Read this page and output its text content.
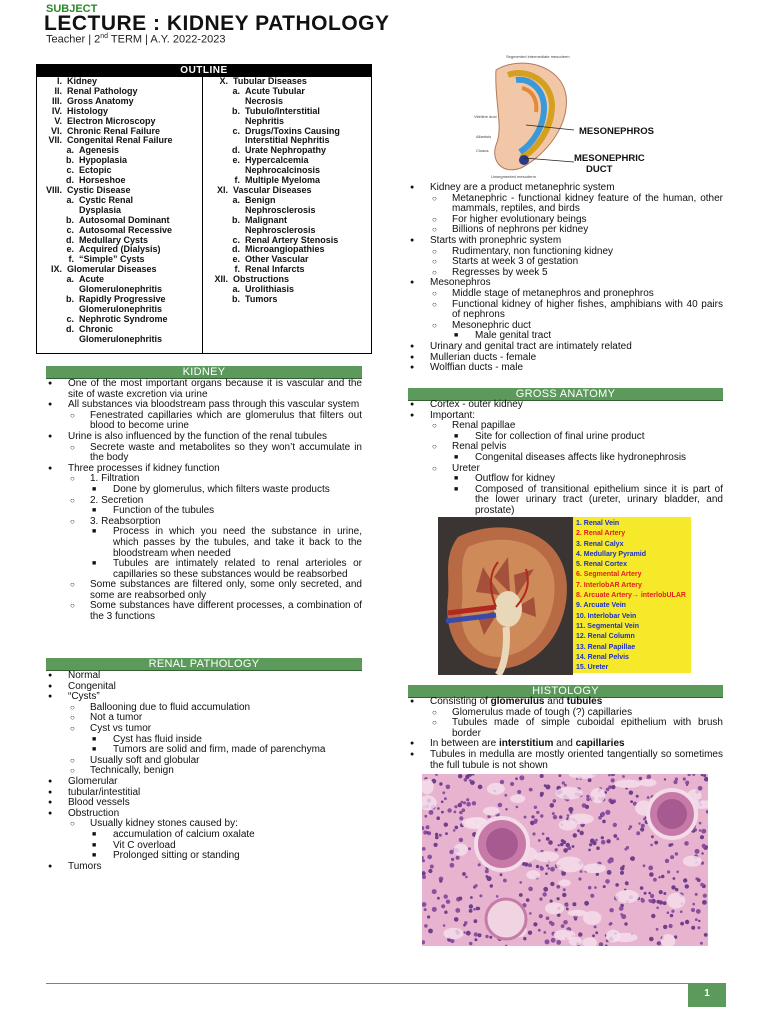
SUBJECT
LECTURE : KIDNEY PATHOLOGY
Teacher | 2nd TERM | A.Y. 2022-2023
OUTLINE
I. Kidney
II. Renal Pathology
III. Gross Anatomy
IV. Histology
V. Electron Microscopy
VI. Chronic Renal Failure
VII. Congenital Renal Failure
a. Agenesis
b. Hypoplasia
c. Ectopic
d. Horseshoe
VIII. Cystic Disease
a. Cystic Renal
Dysplasia
b. Autosomal Dominant
c. Autosomal Recessive
d. Medullary Cysts
e. Acquired (Dialysis)
f. “Simple” Cysts
IX. Glomerular Diseases
a. Acute
Glomerulonephritis
b. Rapidly Progressive
Glomerulonephritis
c. Nephrotic Syndrome
d. Chronic
Glomerulonephritis
X. Tubular Diseases
a. Acute Tubular
Necrosis
b. Tubulo/Interstitial
Nephritis
c. Drugs/Toxins Causing
Interstitial Nephritis
d. Urate Nephropathy
e. Hypercalcemia
Nephrocalcinosis
f. Multiple Myeloma
XI. Vascular Diseases
a. Benign
Nephrosclerosis
b. Malignant
Nephrosclerosis
c. Renal Artery Stenosis
d. Microangiopathies
e. Other Vascular
f. Renal Infarcts
XII. Obstructions
a. Urolithiasis
b. Tumors
KIDNEY
● One of the most important organs because it is vascular and the site of waste excretion via urine
● All substances via bloodstream pass through this vascular system
○ Fenestrated capillaries which are glomerulus that filters out blood to become urine
● Urine is also influenced by the function of the renal tubules
○ Secrete waste and metabolites so they won’t accumulate in the body
● Three processes if kidney function
○ 1. Filtration
■ Done by glomerulus, which filters waste products
○ 2. Secretion
■ Function of the tubules
○ 3. Reabsorption
■ Process in which you need the substance in urine, which passes by the tubules, and take it back to the bloodstream when needed
■ Tubules are intimately related to renal arterioles or capillaries so these substances would be reabsorbed
○ Some substances are filtered only, some only secreted, and some are reabsorbed only
○ Some substances have different processes, a combination of the 3 functions
RENAL PATHOLOGY
● Normal
● Congenital
● “Cysts”
○ Ballooning due to fluid accumulation
○ Not a tumor
○ Cyst vs tumor
■ Cyst has fluid inside
■ Tumors are solid and firm, made of parenchyma
○ Usually soft and globular
○ Technically, benign
● Glomerular
● tubular/intestitial
● Blood vessels
● Obstruction
○ Usually kidney stones caused by:
■ accumulation of calcium oxalate
■ Vit C overload
■ Prolonged sitting or standing
● Tumors
Segmented intermediate mesoderm
Vitelline duct
Allantois
Cloaca
Unsegmented mesoderm
MESONEPHROS
MESONEPHRIC
DUCT
● Kidney are a product metanephric system
○ Metanephric - functional kidney feature of the human, other mammals, reptiles, and birds
○ For higher evolutionary beings
○ Billions of nephrons per kidney
● Starts with pronephric system
○ Rudimentary, non functioning kidney
○ Starts at week 3 of gestation
○ Regresses by week 5
● Mesonephros
○ Middle stage of metanephros and pronephros
○ Functional kidney of higher fishes, amphibians with 40 pairs of nephrons
○ Mesonephric duct
■ Male genital tract
● Urinary and genital tract are intimately related
● Mullerian ducts - female
● Wolffian ducts - male
GROSS ANATOMY
● Cortex - outer kidney
● Important:
○ Renal papillae
■ Site for collection of final urine product
○ Renal pelvis
■ Congenital diseases affects like hydronephrosis
○ Ureter
■ Outflow for kidney
■ Composed of transitional epithelium since it is part of the lower urinary tract (ureter, urinary bladder, and prostate)
1. Renal Vein
2. Renal Artery
3. Renal Calyx
4. Medullary Pyramid
5. Renal Cortex
6. Segmental Artery
7. InterlobAR Artery
8. Arcuate Artery→ interlobULAR
9. Arcuate Vein
10. Interlobar Vein
11. Segmental Vein
12. Renal Column
13. Renal Papillae
14. Renal Pelvis
15. Ureter
HISTOLOGY
● Consisting of glomerulus and tubules
○ Glomerulus made of tough (?) capillaries
○ Tubules made of simple cuboidal epithelium with brush border
● In between are interstitium and capillaries
● Tubules in medulla are mostly oriented tangentially so sometimes the full tubule is not shown
1
